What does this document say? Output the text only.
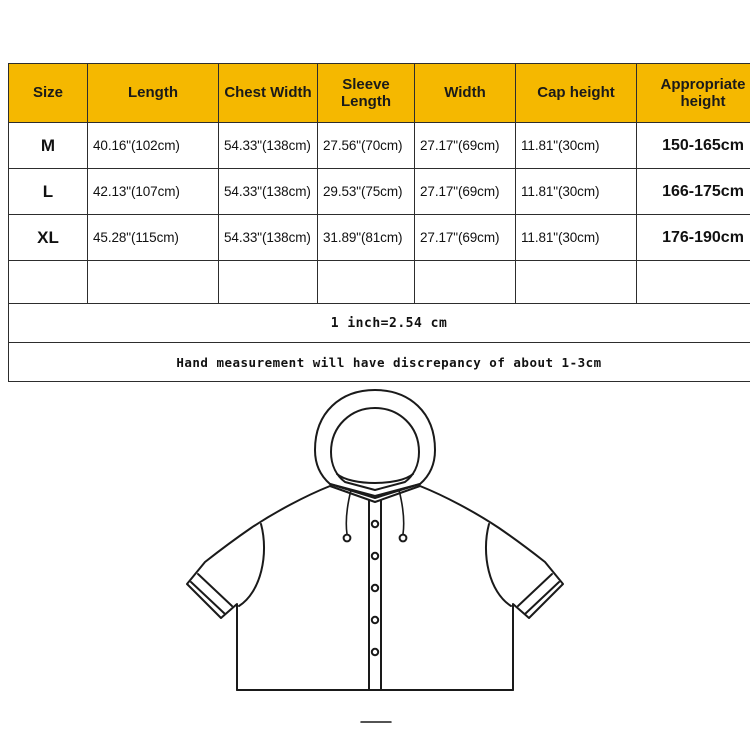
Size	Length	Chest Width	Sleeve Length	Width	Cap height	Appropriate height
M	40.16"(102cm)	54.33"(138cm)	27.56"(70cm)	27.17"(69cm)	11.81"(30cm)	150-165cm
L	42.13"(107cm)	54.33"(138cm)	29.53"(75cm)	27.17"(69cm)	11.81"(30cm)	166-175cm
XL	45.28"(115cm)	54.33"(138cm)	31.89"(81cm)	27.17"(69cm)	11.81"(30cm)	176-190cm

1 inch=2.54 cm						
Hand measurement will have discrepancy of about 1-3cm						
